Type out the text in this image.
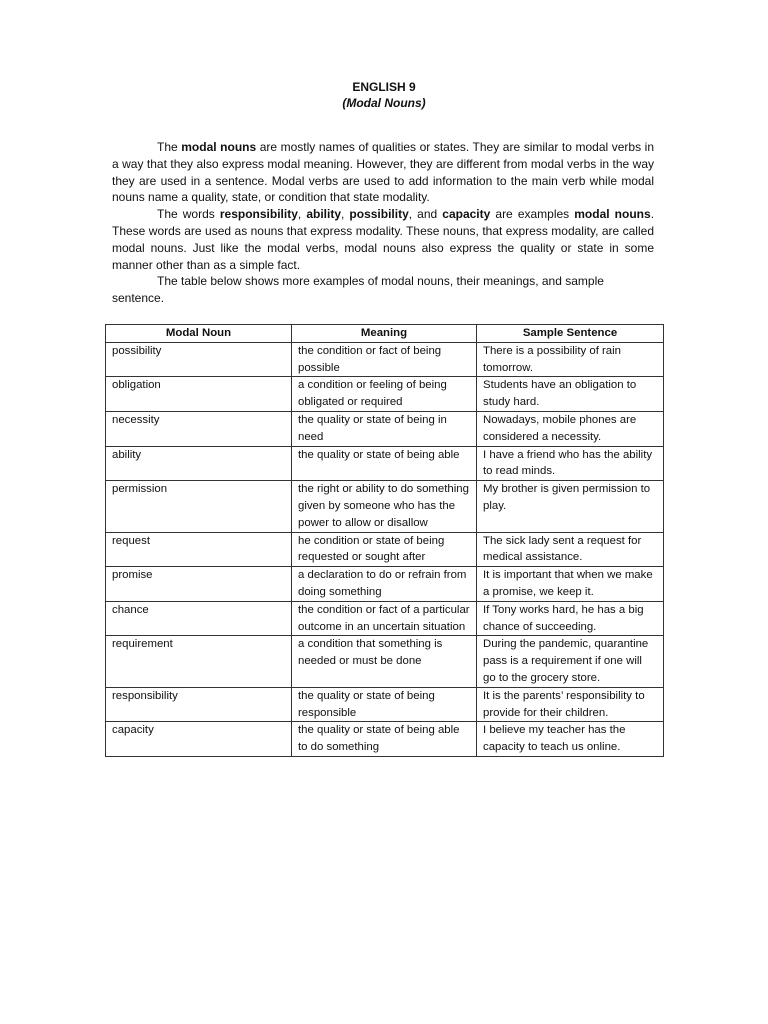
ENGLISH 9
(Modal Nouns)

The modal nouns are mostly names of qualities or states. They are similar to modal verbs in a way that they also express modal meaning. However, they are different from modal verbs in the way they are used in a sentence. Modal verbs are used to add information to the main verb while modal nouns name a quality, state, or condition that state modality.

The words responsibility, ability, possibility, and capacity are examples modal nouns. These words are used as nouns that express modality. These nouns, that express modality, are called modal nouns. Just like the modal verbs, modal nouns also express the quality or state in some manner other than as a simple fact.

The table below shows more examples of modal nouns, their meanings, and sample sentence.

Modal Noun	Meaning	Sample Sentence
possibility	the condition or fact of being possible	There is a possibility of rain tomorrow.
obligation	a condition or feeling of being obligated or required	Students have an obligation to study hard.
necessity	the quality or state of being in need	Nowadays, mobile phones are considered a necessity.
ability	the quality or state of being able	I have a friend who has the ability to read minds.
permission	the right or ability to do something given by someone who has the power to allow or disallow	My brother is given permission to play.
request	he condition or state of being requested or sought after	The sick lady sent a request for medical assistance.
promise	a declaration to do or refrain from doing something	It is important that when we make a promise, we keep it.
chance	the condition or fact of a particular outcome in an uncertain situation	If Tony works hard, he has a big chance of succeeding.
requirement	a condition that something is needed or must be done	During the pandemic, quarantine pass is a requirement if one will go to the grocery store.
responsibility	the quality or state of being responsible	It is the parents’ responsibility to provide for their children.
capacity	the quality or state of being able to do something	I believe my teacher has the capacity to teach us online.
